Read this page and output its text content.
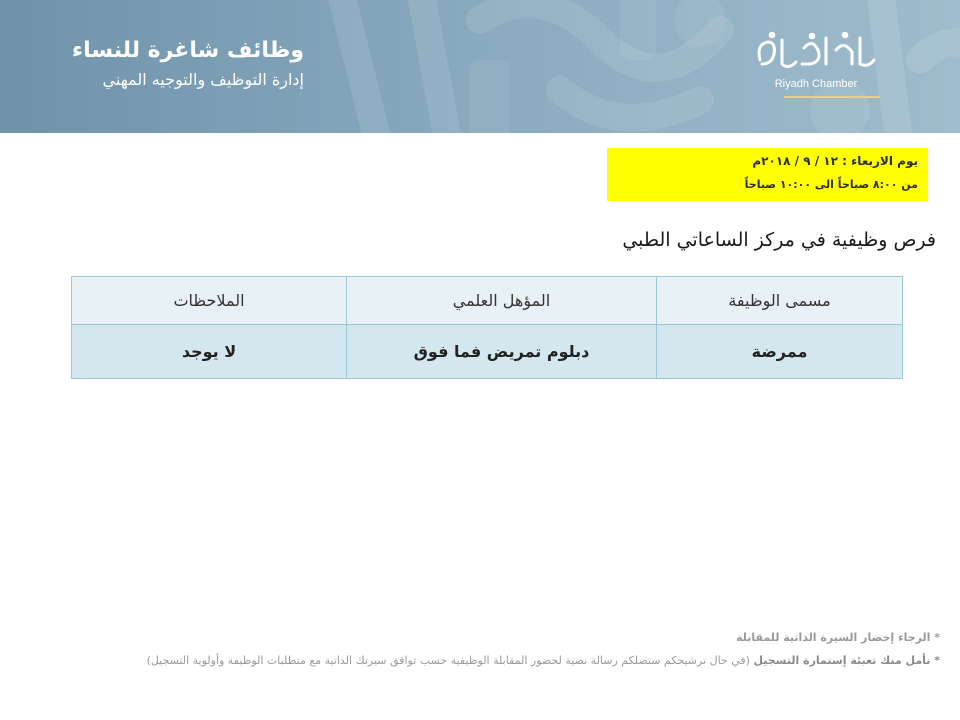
وظائف شاغرة للنساء
إدارة التوظيف والتوجيه المهني	Riyadh Chamber
يوم الاربعاء : ١٢ / ٩ / ٢٠١٨م
من ٨:٠٠ صباحاً الى ١٠:٠٠ صباحاً
فرص وظيفية في مركز الساعاتي الطبي
مسمى الوظيفة	المؤهل العلمي	الملاحظات
ممرضة	دبلوم تمريض فما فوق	لا يوجد
* الرجاء إحضار السيرة الذاتية للمقابلة
* نأمل منك تعبئة إستمارة التسجيل (في حال ترشيحكم ستصلكم رسالة نصية لحضور المقابلة الوظيفية حسب توافق سيرتك الذاتية مع متطلبات الوظيفة وأولوية التسجيل)
